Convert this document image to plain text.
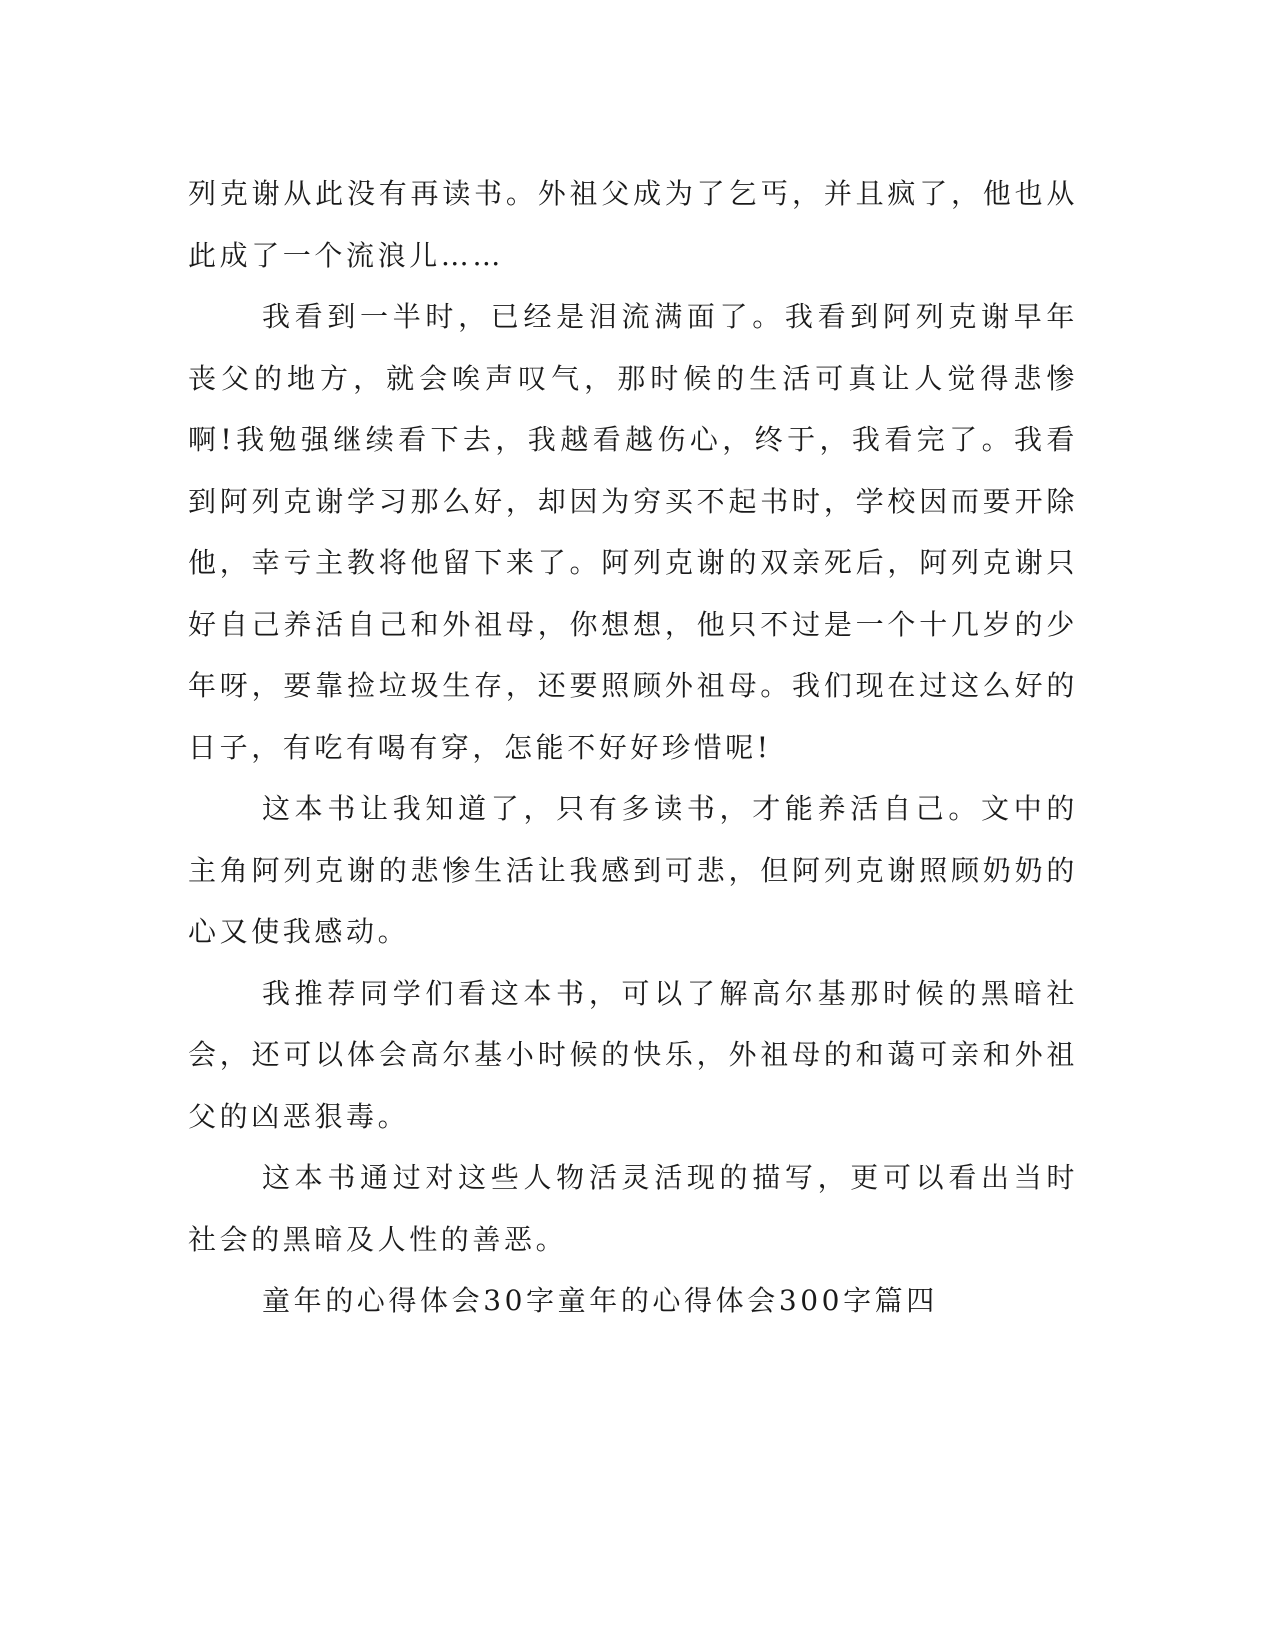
列克谢从此没有再读书。外祖父成为了乞丐，并且疯了，他也从此成了一个流浪儿……

我看到一半时，已经是泪流满面了。我看到阿列克谢早年丧父的地方，就会唉声叹气，那时候的生活可真让人觉得悲惨啊!我勉强继续看下去，我越看越伤心，终于，我看完了。我看到阿列克谢学习那么好，却因为穷买不起书时，学校因而要开除他，幸亏主教将他留下来了。阿列克谢的双亲死后，阿列克谢只好自己养活自己和外祖母，你想想，他只不过是一个十几岁的少年呀，要靠捡垃圾生存，还要照顾外祖母。我们现在过这么好的日子，有吃有喝有穿，怎能不好好珍惜呢!

这本书让我知道了，只有多读书，才能养活自己。文中的主角阿列克谢的悲惨生活让我感到可悲，但阿列克谢照顾奶奶的心又使我感动。

我推荐同学们看这本书，可以了解高尔基那时候的黑暗社会，还可以体会高尔基小时候的快乐，外祖母的和蔼可亲和外祖父的凶恶狠毒。

这本书通过对这些人物活灵活现的描写，更可以看出当时社会的黑暗及人性的善恶。

童年的心得体会30字童年的心得体会300字篇四
